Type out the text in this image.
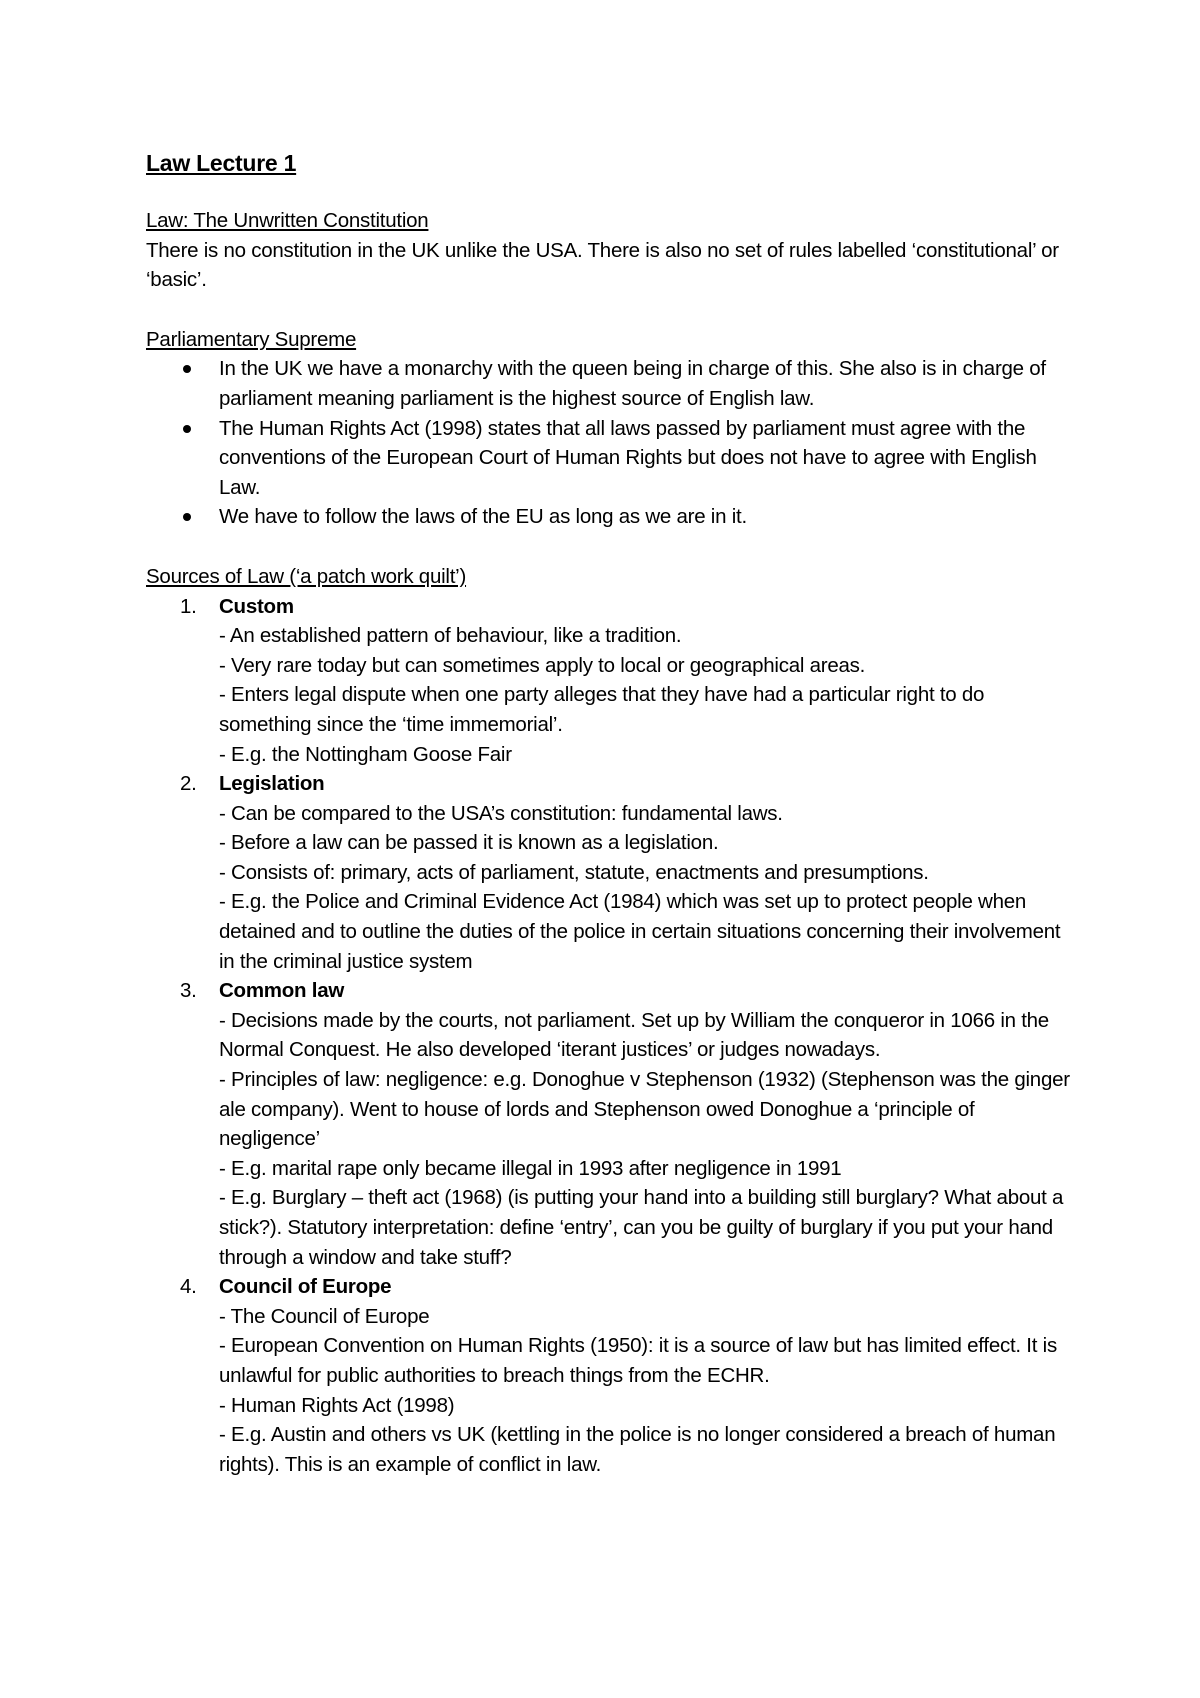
Law Lecture 1

Law: The Unwritten Constitution

There is no constitution in the UK unlike the USA. There is also no set of rules labelled ‘constitutional’ or ‘basic’.

Parliamentary Supreme

In the UK we have a monarchy with the queen being in charge of this. She also is in charge of parliament meaning parliament is the highest source of English law.
The Human Rights Act (1998) states that all laws passed by parliament must agree with the conventions of the European Court of Human Rights but does not have to agree with English Law.
We have to follow the laws of the EU as long as we are in it.

Sources of Law (‘a patch work quilt’)

1. Custom

- An established pattern of behaviour, like a tradition.

- Very rare today but can sometimes apply to local or geographical areas.

- Enters legal dispute when one party alleges that they have had a particular right to do something since the ‘time immemorial’.

- E.g. the Nottingham Goose Fair

2. Legislation

- Can be compared to the USA’s constitution: fundamental laws.

- Before a law can be passed it is known as a legislation.

- Consists of: primary, acts of parliament, statute, enactments and presumptions.

- E.g. the Police and Criminal Evidence Act (1984) which was set up to protect people when detained and to outline the duties of the police in certain situations concerning their involvement in the criminal justice system

3. Common law

- Decisions made by the courts, not parliament. Set up by William the conqueror in 1066 in the Normal Conquest. He also developed ‘iterant justices’ or judges nowadays.

- Principles of law: negligence: e.g. Donoghue v Stephenson (1932) (Stephenson was the ginger ale company). Went to house of lords and Stephenson owed Donoghue a ‘principle of negligence’

- E.g. marital rape only became illegal in 1993 after negligence in 1991

- E.g. Burglary – theft act (1968) (is putting your hand into a building still burglary? What about a stick?). Statutory interpretation: define ‘entry’, can you be guilty of burglary if you put your hand through a window and take stuff?

4. Council of Europe

- The Council of Europe

- European Convention on Human Rights (1950): it is a source of law but has limited effect. It is unlawful for public authorities to breach things from the ECHR.

- Human Rights Act (1998)

- E.g. Austin and others vs UK (kettling in the police is no longer considered a breach of human rights). This is an example of conflict in law.
